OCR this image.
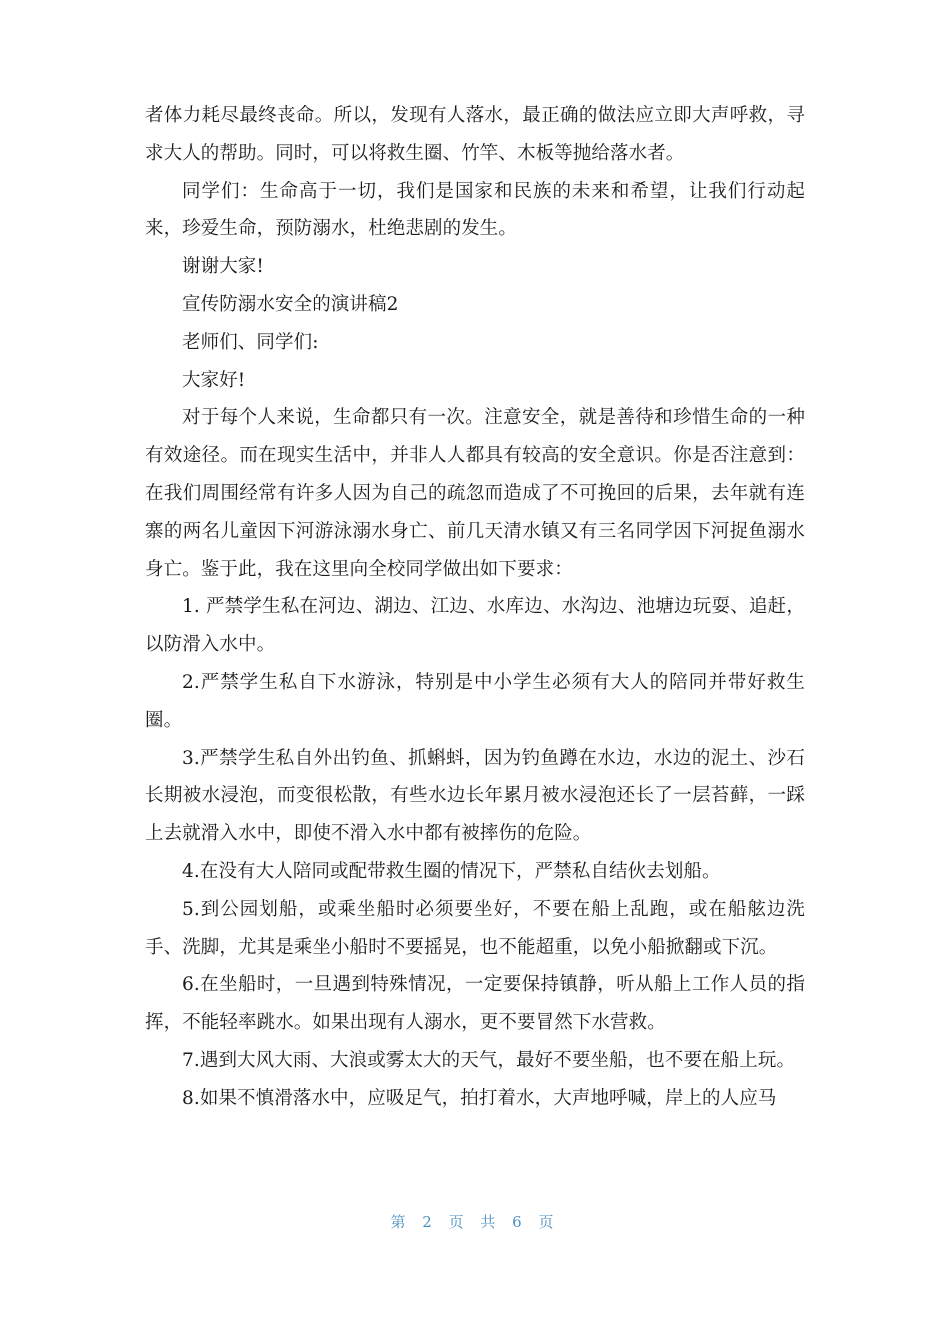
者体力耗尽最终丧命。所以，发现有人落水，最正确的做法应立即大声呼救，寻求大人的帮助。同时，可以将救生圈、竹竿、木板等抛给落水者。

同学们：生命高于一切，我们是国家和民族的未来和希望，让我们行动起来，珍爱生命，预防溺水，杜绝悲剧的发生。

谢谢大家!

宣传防溺水安全的演讲稿2

老师们、同学们:

大家好!

对于每个人来说，生命都只有一次。注意安全，就是善待和珍惜生命的一种有效途径。而在现实生活中，并非人人都具有较高的安全意识。你是否注意到：在我们周围经常有许多人因为自己的疏忽而造成了不可挽回的后果，去年就有连寨的两名儿童因下河游泳溺水身亡、前几天清水镇又有三名同学因下河捉鱼溺水身亡。鉴于此，我在这里向全校同学做出如下要求：

1. 严禁学生私在河边、湖边、江边、水库边、水沟边、池塘边玩耍、追赶，以防滑入水中。

2.严禁学生私自下水游泳，特别是中小学生必须有大人的陪同并带好救生圈。

3.严禁学生私自外出钓鱼、抓蝌蚪，因为钓鱼蹲在水边，水边的泥土、沙石长期被水浸泡，而变很松散，有些水边长年累月被水浸泡还长了一层苔藓，一踩上去就滑入水中，即使不滑入水中都有被摔伤的危险。

4.在没有大人陪同或配带救生圈的情况下，严禁私自结伙去划船。

5.到公园划船，或乘坐船时必须要坐好，不要在船上乱跑，或在船舷边洗手、洗脚，尤其是乘坐小船时不要摇晃，也不能超重，以免小船掀翻或下沉。

6.在坐船时，一旦遇到特殊情况，一定要保持镇静，听从船上工作人员的指挥，不能轻率跳水。如果出现有人溺水，更不要冒然下水营救。

7.遇到大风大雨、大浪或雾太大的天气，最好不要坐船，也不要在船上玩。

8.如果不慎滑落水中，应吸足气，拍打着水，大声地呼喊，岸上的人应马

第 2 页 共 6 页
